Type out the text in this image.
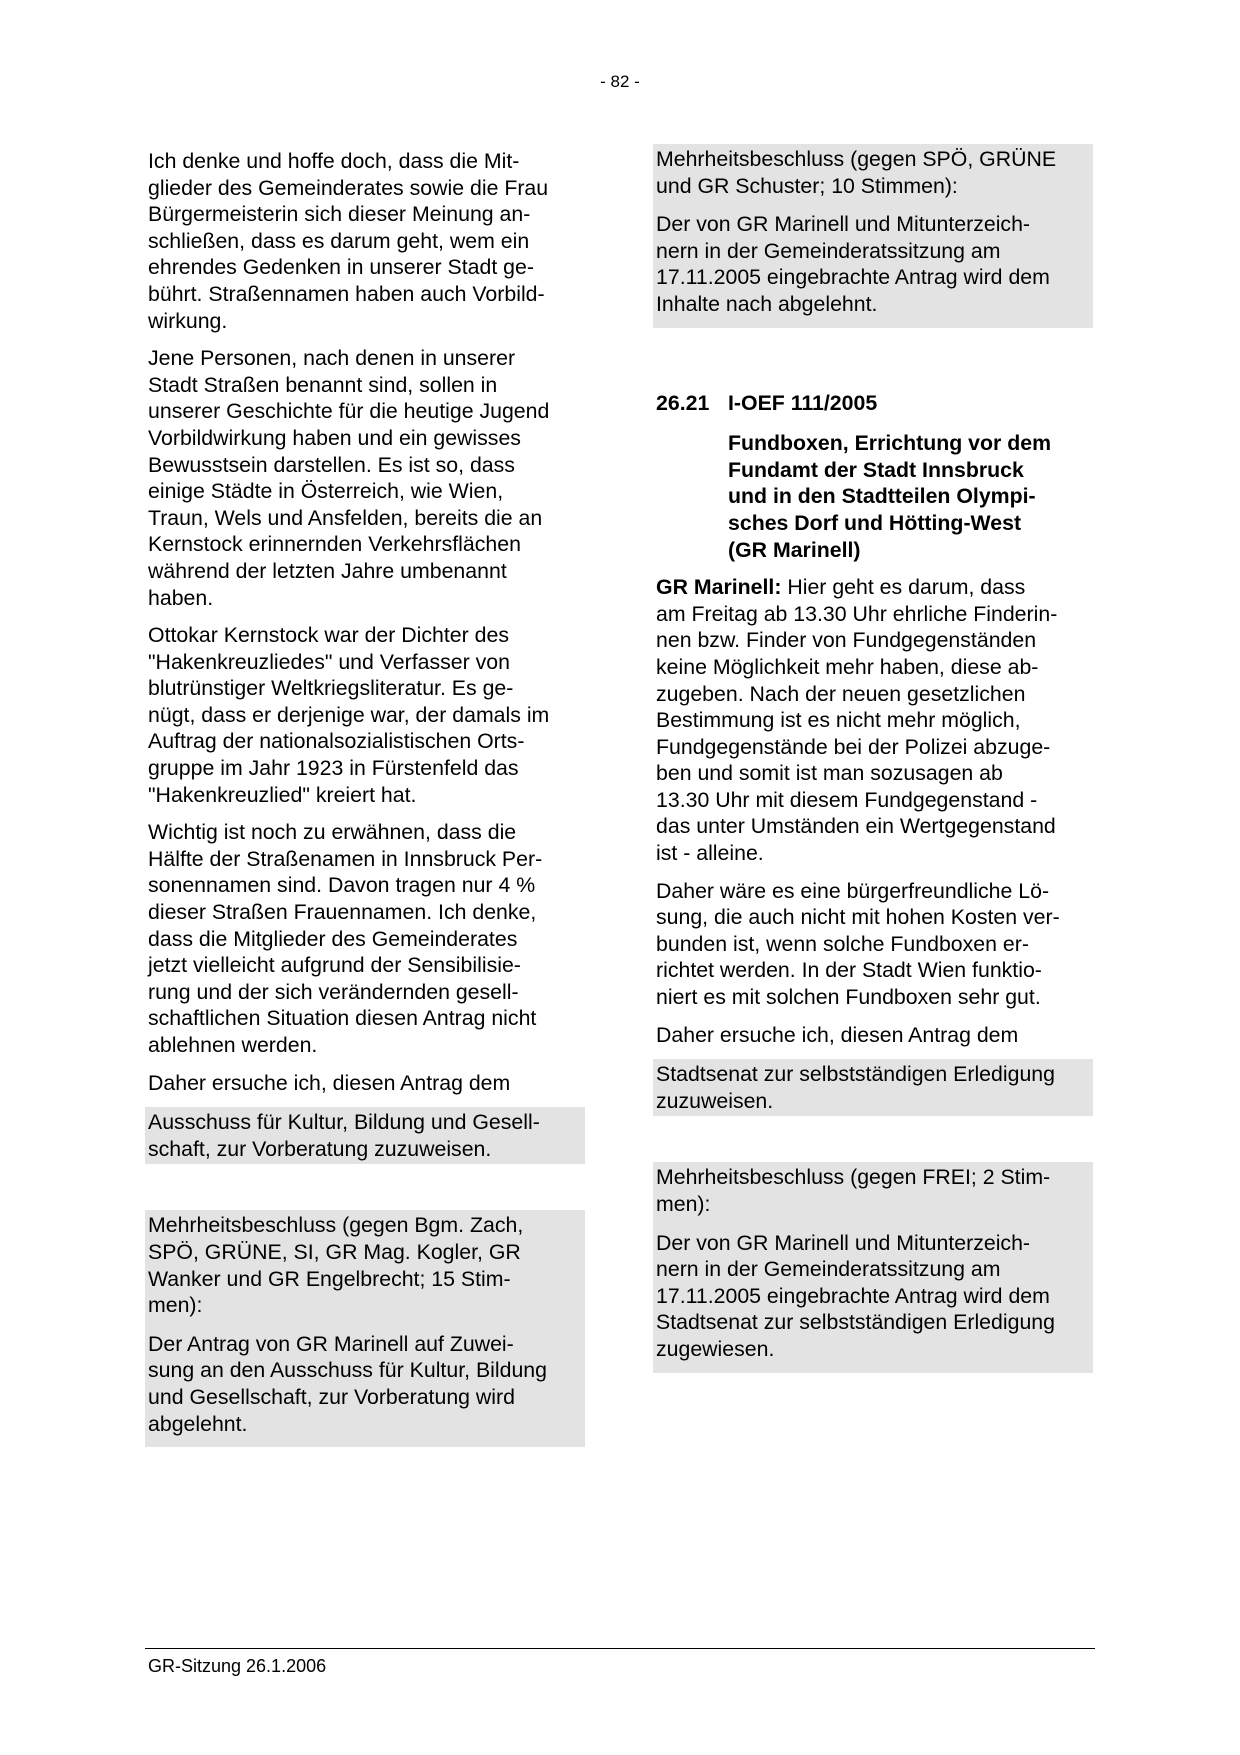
- 82 -
Ich denke und hoffe doch, dass die Mit-
glieder des Gemeinderates sowie die Frau
Bürgermeisterin sich dieser Meinung an-
schließen, dass es darum geht, wem ein
ehrendes Gedenken in unserer Stadt ge-
bührt. Straßennamen haben auch Vorbild-
wirkung.
Jene Personen, nach denen in unserer
Stadt Straßen benannt sind, sollen in
unserer Geschichte für die heutige Jugend
Vorbildwirkung haben und ein gewisses
Bewusstsein darstellen. Es ist so, dass
einige Städte in Österreich, wie Wien,
Traun, Wels und Ansfelden, bereits die an
Kernstock erinnernden Verkehrsflächen
während der letzten Jahre umbenannt
haben.
Ottokar Kernstock war der Dichter des
"Hakenkreuzliedes" und Verfasser von
blutrünstiger Weltkriegsliteratur. Es ge-
nügt, dass er derjenige war, der damals im
Auftrag der nationalsozialistischen Orts-
gruppe im Jahr 1923 in Fürstenfeld das
"Hakenkreuzlied" kreiert hat.
Wichtig ist noch zu erwähnen, dass die
Hälfte der Straßenamen in Innsbruck Per-
sonennamen sind. Davon tragen nur 4 %
dieser Straßen Frauennamen. Ich denke,
dass die Mitglieder des Gemeinderates
jetzt vielleicht aufgrund der Sensibilisie-
rung und der sich verändernden gesell-
schaftlichen Situation diesen Antrag nicht
ablehnen werden.
Daher ersuche ich, diesen Antrag dem
Ausschuss für Kultur, Bildung und Gesell-
schaft, zur Vorberatung zuzuweisen.
Mehrheitsbeschluss (gegen Bgm. Zach,
SPÖ, GRÜNE, SI, GR Mag. Kogler, GR
Wanker und GR Engelbrecht; 15 Stim-
men):
Der Antrag von GR Marinell auf Zuwei-
sung an den Ausschuss für Kultur, Bildung
und Gesellschaft, zur Vorberatung wird
abgelehnt.
Mehrheitsbeschluss (gegen SPÖ, GRÜNE
und GR Schuster; 10 Stimmen):
Der von GR Marinell und Mitunterzeich-
nern in der Gemeinderatssitzung am
17.11.2005 eingebrachte Antrag wird dem
Inhalte nach abgelehnt.
26.21 I-OEF 111/2005
Fundboxen, Errichtung vor dem
Fundamt der Stadt Innsbruck
und in den Stadtteilen Olympi-
sches Dorf und Hötting-West
(GR Marinell)
GR Marinell: Hier geht es darum, dass
am Freitag ab 13.30 Uhr ehrliche Finderin-
nen bzw. Finder von Fundgegenständen
keine Möglichkeit mehr haben, diese ab-
zugeben. Nach der neuen gesetzlichen
Bestimmung ist es nicht mehr möglich,
Fundgegenstände bei der Polizei abzuge-
ben und somit ist man sozusagen ab
13.30 Uhr mit diesem Fundgegenstand -
das unter Umständen ein Wertgegenstand
ist - alleine.
Daher wäre es eine bürgerfreundliche Lö-
sung, die auch nicht mit hohen Kosten ver-
bunden ist, wenn solche Fundboxen er-
richtet werden. In der Stadt Wien funktio-
niert es mit solchen Fundboxen sehr gut.
Daher ersuche ich, diesen Antrag dem
Stadtsenat zur selbstständigen Erledigung
zuzuweisen.
Mehrheitsbeschluss (gegen FREI; 2 Stim-
men):
Der von GR Marinell und Mitunterzeich-
nern in der Gemeinderatssitzung am
17.11.2005 eingebrachte Antrag wird dem
Stadtsenat zur selbstständigen Erledigung
zugewiesen.
GR-Sitzung 26.1.2006
